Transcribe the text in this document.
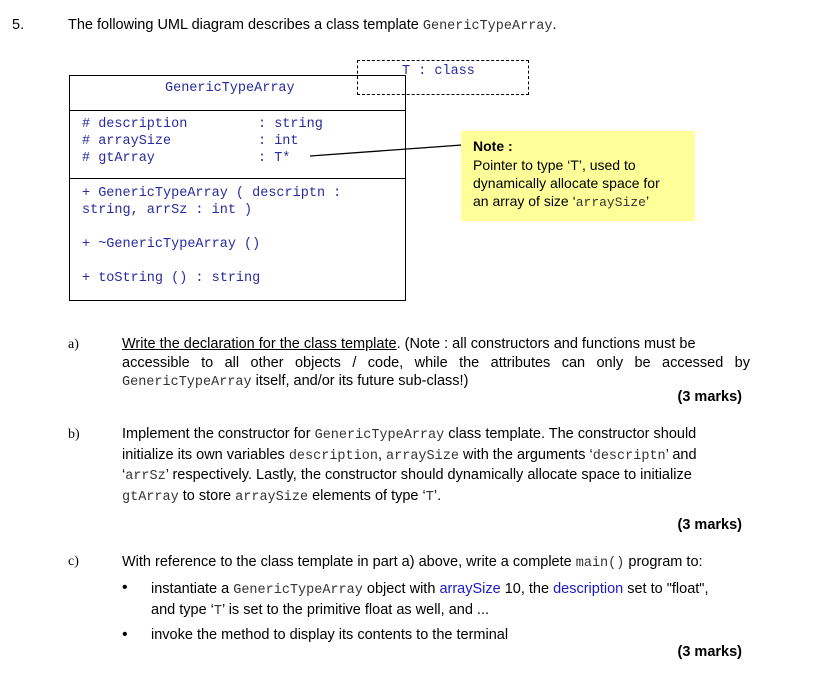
5.	The following UML diagram describes a class template GenericTypeArray.
T : class
GenericTypeArray
# description	: string
# arraySize	: int
# gtArray	: T*
+ GenericTypeArray ( descriptn :
string, arrSz : int )
+ ~GenericTypeArray ()
+ toString () : string
Note :
Pointer to type ‘T’, used to
dynamically allocate space for
an array of size ‘arraySize’
a)	Write the declaration for the class template. (Note : all constructors and functions must be
accessible to all other objects / code, while the attributes can only be accessed by
GenericTypeArray itself, and/or its future sub-class!)
(3 marks)
b)	Implement the constructor for GenericTypeArray class template. The constructor should
initialize its own variables description, arraySize with the arguments ‘descriptn’ and
‘arrSz’ respectively. Lastly, the constructor should dynamically allocate space to initialize
gtArray to store arraySize elements of type ‘T’.
(3 marks)
c)	With reference to the class template in part a) above, write a complete main() program to:
• instantiate a GenericTypeArray object with arraySize 10, the description set to "float",
and type ‘T’ is set to the primitive float as well, and ...
• invoke the method to display its contents to the terminal
(3 marks)
